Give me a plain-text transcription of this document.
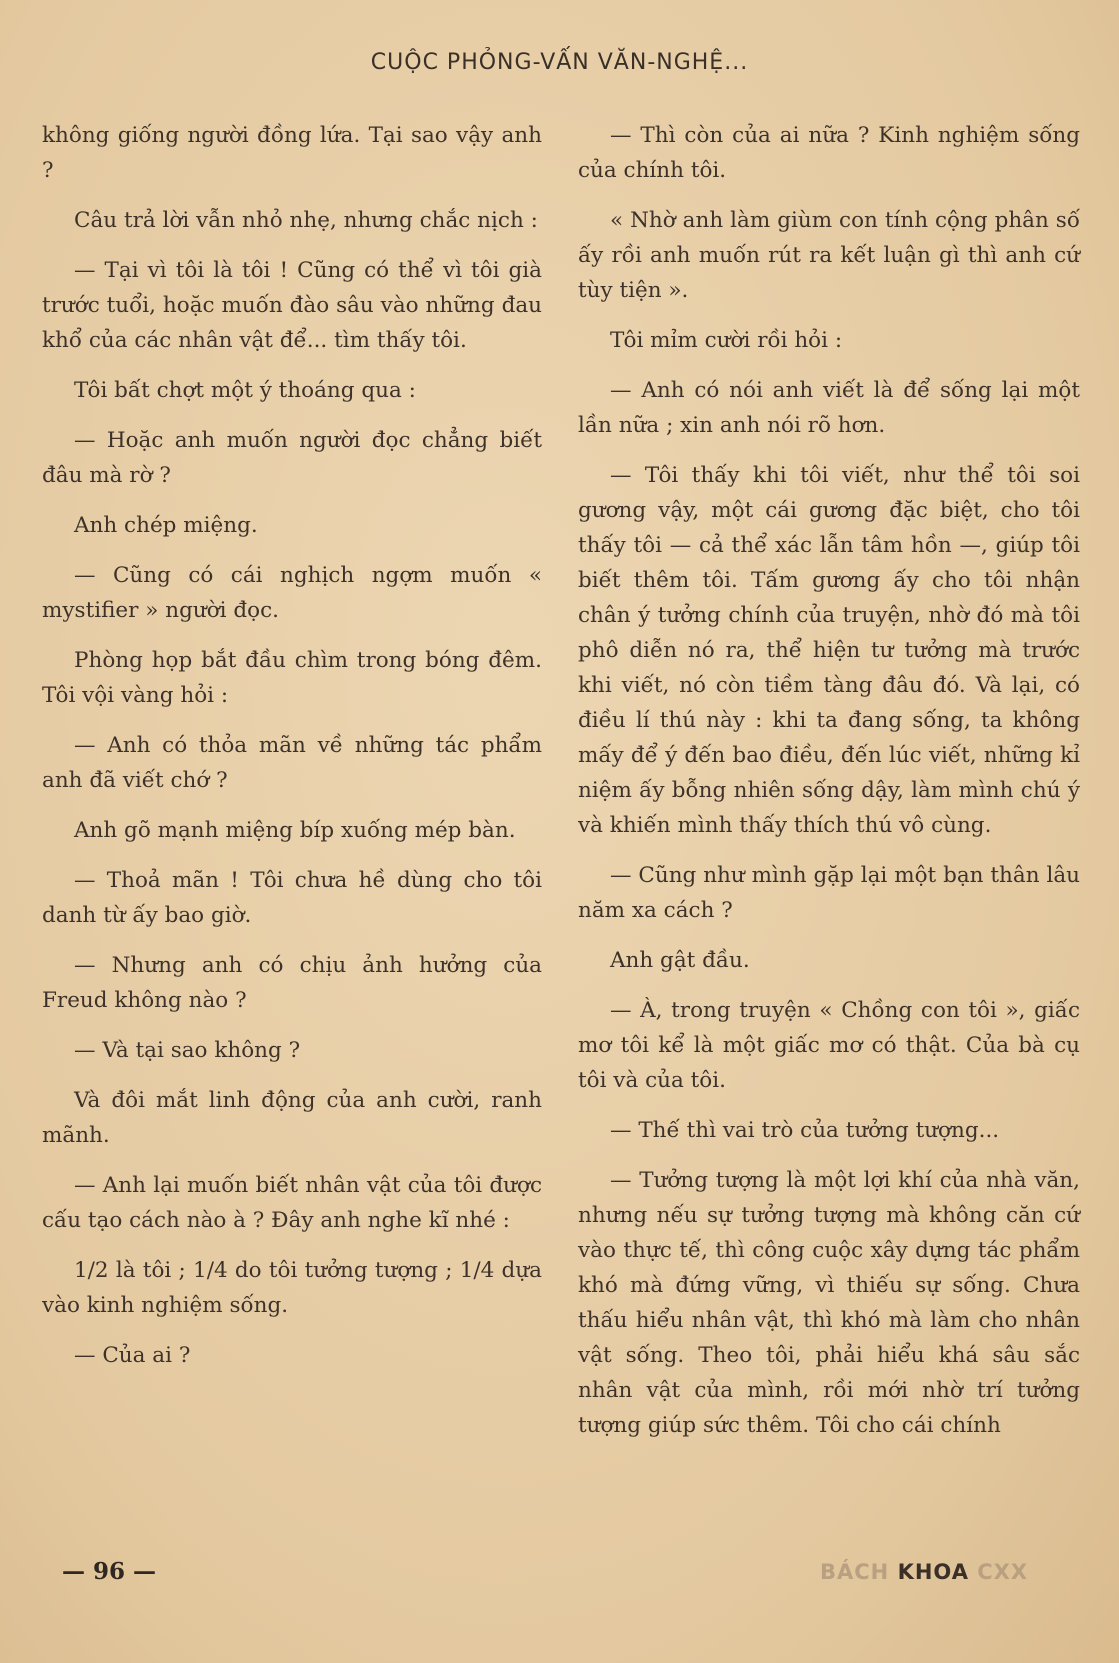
CUỘC PHỎNG-VẤN VĂN-NGHỆ...

không giống người đồng lứa. Tại sao vậy anh ?

Câu trả lời vẫn nhỏ nhẹ, nhưng chắc nịch :

— Tại vì tôi là tôi ! Cũng có thể vì tôi già trước tuổi, hoặc muốn đào sâu vào những đau khổ của các nhân vật để... tìm thấy tôi.

Tôi bất chợt một ý thoáng qua :

— Hoặc anh muốn người đọc chẳng biết đâu mà rờ ?

Anh chép miệng.

— Cũng có cái nghịch ngợm muốn « mystifier » người đọc.

Phòng họp bắt đầu chìm trong bóng đêm. Tôi vội vàng hỏi :

— Anh có thỏa mãn về những tác phẩm anh đã viết chớ ?

Anh gõ mạnh miệng bíp xuống mép bàn.

— Thoả mãn ! Tôi chưa hề dùng cho tôi danh từ ấy bao giờ.

— Nhưng anh có chịu ảnh hưởng của Freud không nào ?

— Và tại sao không ?

Và đôi mắt linh động của anh cười, ranh mãnh.

— Anh lại muốn biết nhân vật của tôi được cấu tạo cách nào à ? Đây anh nghe kĩ nhé :

1/2 là tôi ; 1/4 do tôi tưởng tượng ; 1/4 dựa vào kinh nghiệm sống.

— Của ai ?

— Thì còn của ai nữa ? Kinh nghiệm sống của chính tôi.

« Nhờ anh làm giùm con tính cộng phân số ấy rồi anh muốn rút ra kết luận gì thì anh cứ tùy tiện ».

Tôi mỉm cười rồi hỏi :

— Anh có nói anh viết là để sống lại một lần nữa ; xin anh nói rõ hơn.

— Tôi thấy khi tôi viết, như thể tôi soi gương vậy, một cái gương đặc biệt, cho tôi thấy tôi — cả thể xác lẫn tâm hồn —, giúp tôi biết thêm tôi. Tấm gương ấy cho tôi nhận chân ý tưởng chính của truyện, nhờ đó mà tôi phô diễn nó ra, thể hiện tư tưởng mà trước khi viết, nó còn tiềm tàng đâu đó. Và lại, có điều lí thú này : khi ta đang sống, ta không mấy để ý đến bao điều, đến lúc viết, những kỉ niệm ấy bỗng nhiên sống dậy, làm mình chú ý và khiến mình thấy thích thú vô cùng.

— Cũng như mình gặp lại một bạn thân lâu năm xa cách ?

Anh gật đầu.

— À, trong truyện « Chồng con tôi », giấc mơ tôi kể là một giấc mơ có thật. Của bà cụ tôi và của tôi.

— Thế thì vai trò của tưởng tượng...

— Tưởng tượng là một lợi khí của nhà văn, nhưng nếu sự tưởng tượng mà không căn cứ vào thực tế, thì công cuộc xây dựng tác phẩm khó mà đứng vững, vì thiếu sự sống. Chưa thấu hiểu nhân vật, thì khó mà làm cho nhân vật sống. Theo tôi, phải hiểu khá sâu sắc nhân vật của mình, rồi mới nhờ trí tưởng tượng giúp sức thêm. Tôi cho cái chính

— 96 —	BÁCH KHOA CXX
